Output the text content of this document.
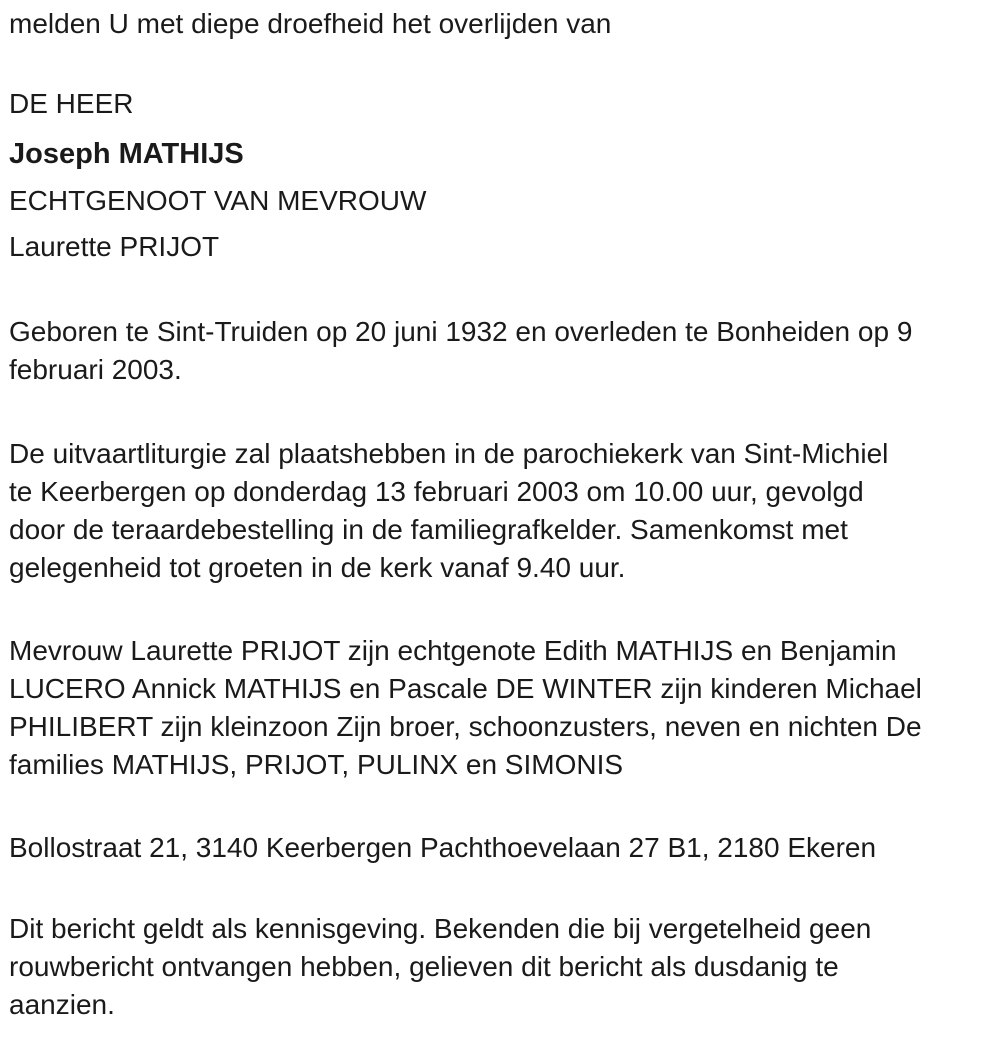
melden U met diepe droefheid het overlijden van

DE HEER

Joseph MATHIJS

ECHTGENOOT VAN MEVROUW

Laurette PRIJOT

Geboren te Sint-Truiden op 20 juni 1932 en overleden te Bonheiden op 9
februari 2003.

De uitvaartliturgie zal plaatshebben in de parochiekerk van Sint-Michiel
te Keerbergen op donderdag 13 februari 2003 om 10.00 uur, gevolgd
door de teraardebestelling in de familiegrafkelder. Samenkomst met
gelegenheid tot groeten in de kerk vanaf 9.40 uur.

Mevrouw Laurette PRIJOT zijn echtgenote Edith MATHIJS en Benjamin
LUCERO Annick MATHIJS en Pascale DE WINTER zijn kinderen Michael
PHILIBERT zijn kleinzoon Zijn broer, schoonzusters, neven en nichten De
families MATHIJS, PRIJOT, PULINX en SIMONIS

Bollostraat 21, 3140 Keerbergen Pachthoevelaan 27 B1, 2180 Ekeren

Dit bericht geldt als kennisgeving. Bekenden die bij vergetelheid geen
rouwbericht ontvangen hebben, gelieven dit bericht als dusdanig te
aanzien.
